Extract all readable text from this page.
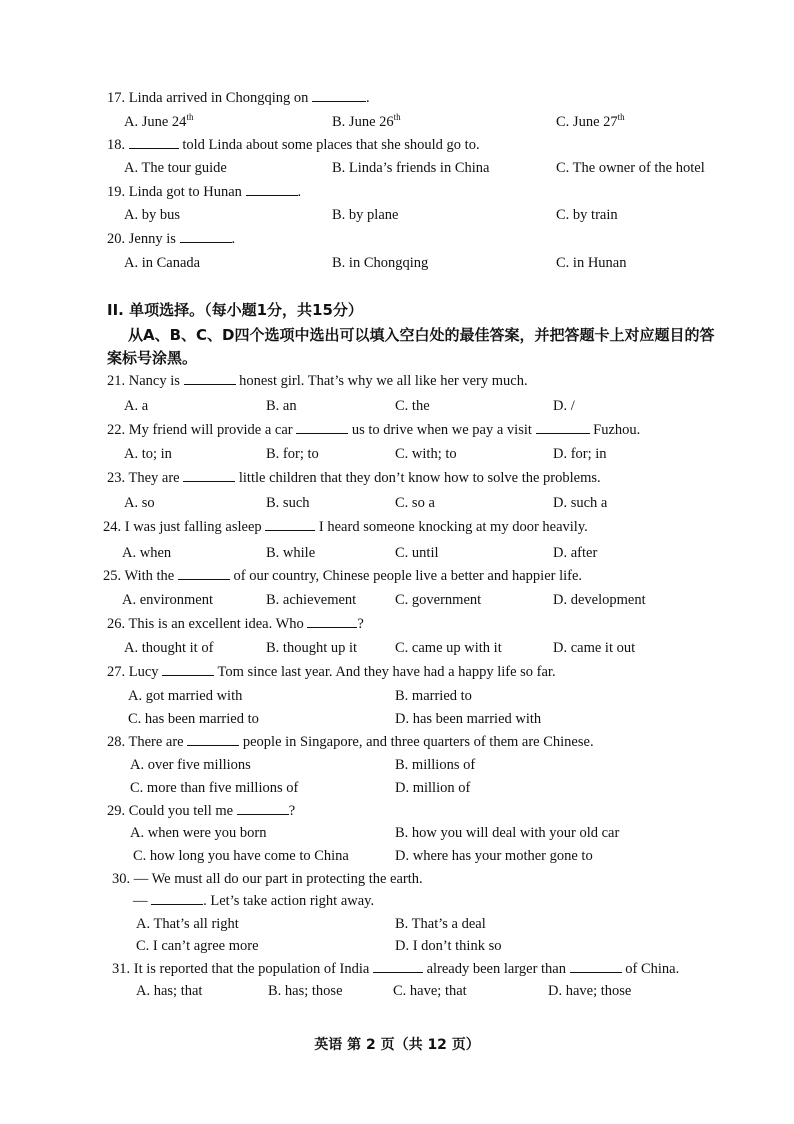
17. Linda arrived in Chongqing on	.
A. June 24th	B. June 26th	C. June 27th
18.	told Linda about some places that she should go to.
A. The tour guide	B. Linda’s friends in China	C. The owner of the hotel
19. Linda got to Hunan	.
A. by bus	B. by plane	C. by train
20. Jenny is	.
A. in Canada	B. in Chongqing	C. in Hunan
II. 单项选择。（每小题1分，共15分）
从A、B、C、D四个选项中选出可以填入空白处的最佳答案，并把答题卡上对应题目的答
案标号涂黑。
21. Nancy is	honest girl. That’s why we all like her very much.
A. a	B. an	C. the	D. /
22. My friend will provide a car	us to drive when we pay a visit	Fuzhou.
A. to; in	B. for; to	C. with; to	D. for; in
23. They are	little children that they don’t know how to solve the problems.
A. so	B. such	C. so a	D. such a
24. I was just falling asleep	I heard someone knocking at my door heavily.
A. when	B. while	C. until	D. after
25. With the	of our country, Chinese people live a better and happier life.
A. environment	B. achievement	C. government	D. development
26. This is an excellent idea. Who	?
A. thought it of	B. thought up it	C. came up with it	D. came it out
27. Lucy	Tom since last year. And they have had a happy life so far.
A. got married with	B. married to
C. has been married to	D. has been married with
28. There are	people in Singapore, and three quarters of them are Chinese.
A. over five millions	B. millions of
C. more than five millions of	D. million of
29. Could you tell me	?
A. when were you born	B. how you will deal with your old car
C. how long you have come to China	D. where has your mother gone to
30. — We must all do our part in protecting the earth.
—	. Let’s take action right away.
A. That’s all right	B. That’s a deal
C. I can’t agree more	D. I don’t think so
31. It is reported that the population of India	already been larger than	of China.
A. has; that	B. has; those	C. have; that	D. have; those
英语 第 2 页（共 12 页）
